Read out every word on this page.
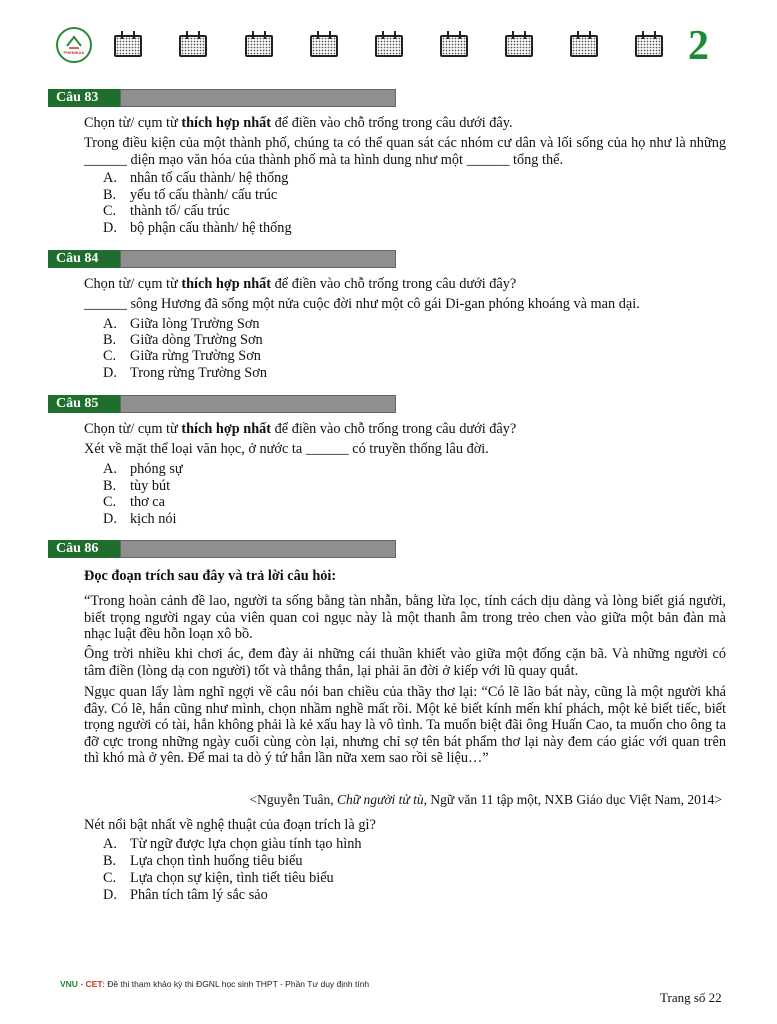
PHENIKAA	2
Câu 83
Chọn từ/ cụm từ thích hợp nhất để điền vào chỗ trống trong câu dưới đây.
Trong điều kiện của một thành phố, chúng ta có thể quan sát các nhóm cư dân và lối sống của họ như là những ______ diện mạo văn hóa của thành phố mà ta hình dung như một ______ tổng thể.
A. nhân tố cấu thành/ hệ thống
B. yếu tố cấu thành/ cấu trúc
C. thành tố/ cấu trúc
D. bộ phận cấu thành/ hệ thống
Câu 84
Chọn từ/ cụm từ thích hợp nhất để điền vào chỗ trống trong câu dưới đây?
______ sông Hương đã sống một nửa cuộc đời như một cô gái Di-gan phóng khoáng và man dại.
A. Giữa lòng Trường Sơn
B. Giữa dòng Trường Sơn
C. Giữa rừng Trường Sơn
D. Trong rừng Trường Sơn
Câu 85
Chọn từ/ cụm từ thích hợp nhất để điền vào chỗ trống trong câu dưới đây?
Xét về mặt thể loại văn học, ở nước ta ______ có truyền thống lâu đời.
A. phóng sự
B. tùy bút
C. thơ ca
D. kịch nói
Câu 86
Đọc đoạn trích sau đây và trả lời câu hỏi:
“Trong hoàn cảnh đề lao, người ta sống bằng tàn nhẫn, bằng lừa lọc, tính cách dịu dàng và lòng biết giá người, biết trọng người ngay của viên quan coi ngục này là một thanh âm trong trẻo chen vào giữa một bản đàn mà nhạc luật đều hỗn loạn xô bồ.
Ông trời nhiều khi chơi ác, đem đày ải những cái thuần khiết vào giữa một đống cặn bã. Và những người có tâm điền (lòng dạ con người) tốt và thẳng thắn, lại phải ăn đời ở kiếp với lũ quay quắt.
Ngục quan lấy làm nghĩ ngợi về câu nói ban chiều của thầy thơ lại: “Có lẽ lão bát này, cũng là một người khá đây. Có lẽ, hắn cũng như mình, chọn nhầm nghề mất rồi. Một kẻ biết kính mến khí phách, một kẻ biết tiếc, biết trọng người có tài, hẳn không phải là kẻ xấu hay là vô tình. Ta muốn biệt đãi ông Huấn Cao, ta muốn cho ông ta đỡ cực trong những ngày cuối cùng còn lại, nhưng chỉ sợ tên bát phẩm thơ lại này đem cáo giác với quan trên thì khó mà ở yên. Để mai ta dò ý tứ hắn lần nữa xem sao rồi sẽ liệu…”
<Nguyễn Tuân, Chữ người tử tù, Ngữ văn 11 tập một, NXB Giáo dục Việt Nam, 2014>
Nét nổi bật nhất về nghệ thuật của đoạn trích là gì?
A. Từ ngữ được lựa chọn giàu tính tạo hình
B. Lựa chọn tình huống tiêu biểu
C. Lựa chọn sự kiện, tình tiết tiêu biểu
D. Phân tích tâm lý sắc sảo
VNU - CET: Đề thi tham khảo kỳ thi ĐGNL học sinh THPT - Phần Tư duy định tính
Trang số 22
